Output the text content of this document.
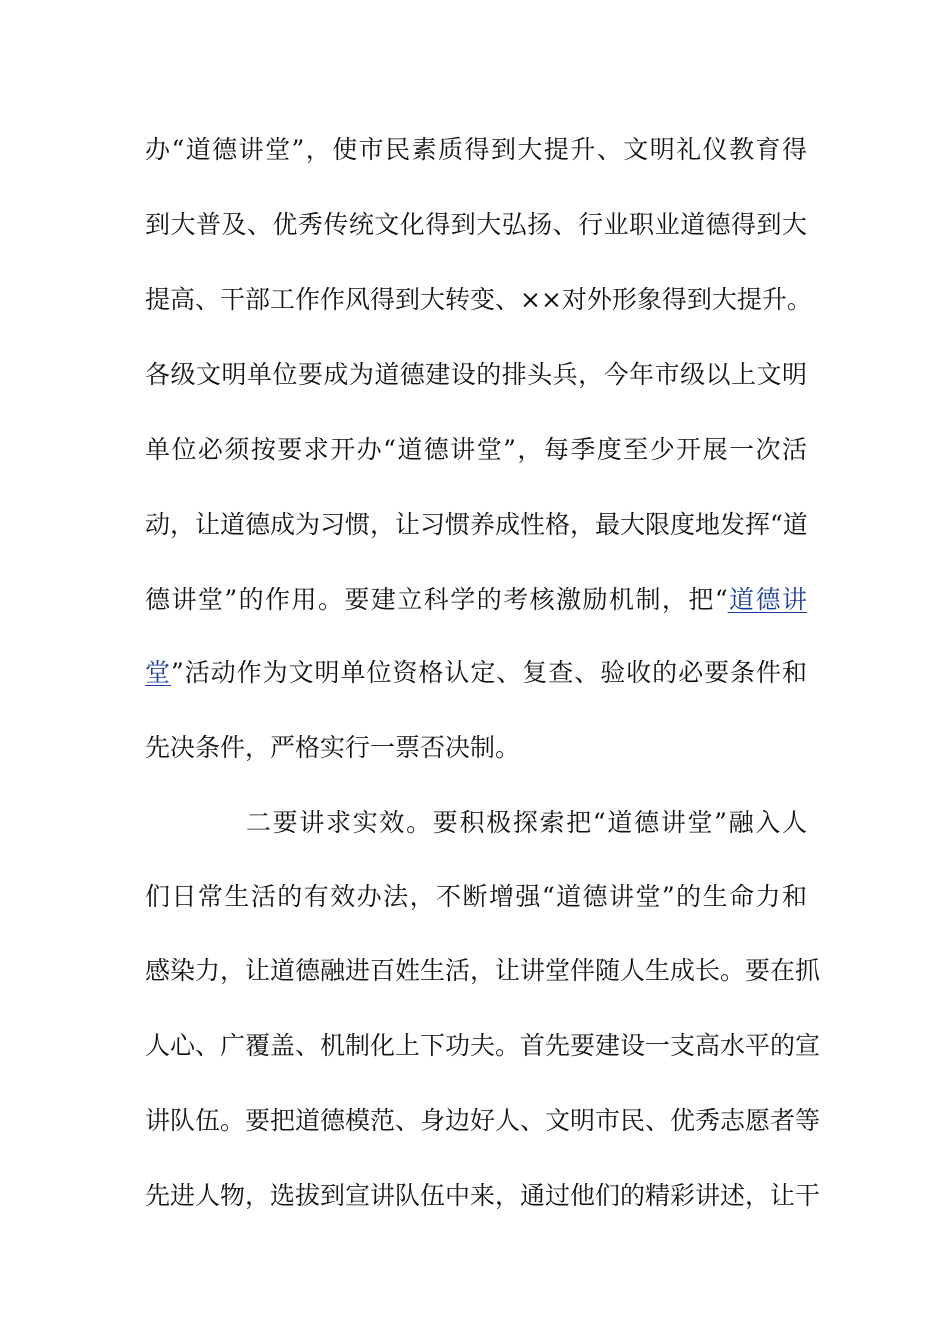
办“道德讲堂”，使市民素质得到大提升、文明礼仪教育得
到大普及、优秀传统文化得到大弘扬、行业职业道德得到大
提高、干部工作作风得到大转变、××对外形象得到大提升。
各级文明单位要成为道德建设的排头兵，今年市级以上文明
单位必须按要求开办“道德讲堂”，每季度至少开展一次活
动，让道德成为习惯，让习惯养成性格，最大限度地发挥“道
德讲堂”的作用。要建立科学的考核激励机制，把“道德讲
堂”活动作为文明单位资格认定、复查、验收的必要条件和
先决条件，严格实行一票否决制。
二要讲求实效。要积极探索把“道德讲堂”融入人
们日常生活的有效办法，不断增强“道德讲堂”的生命力和
感染力，让道德融进百姓生活，让讲堂伴随人生成长。要在抓
人心、广覆盖、机制化上下功夫。首先要建设一支高水平的宣
讲队伍。要把道德模范、身边好人、文明市民、优秀志愿者等
先进人物，选拔到宣讲队伍中来，通过他们的精彩讲述，让干
